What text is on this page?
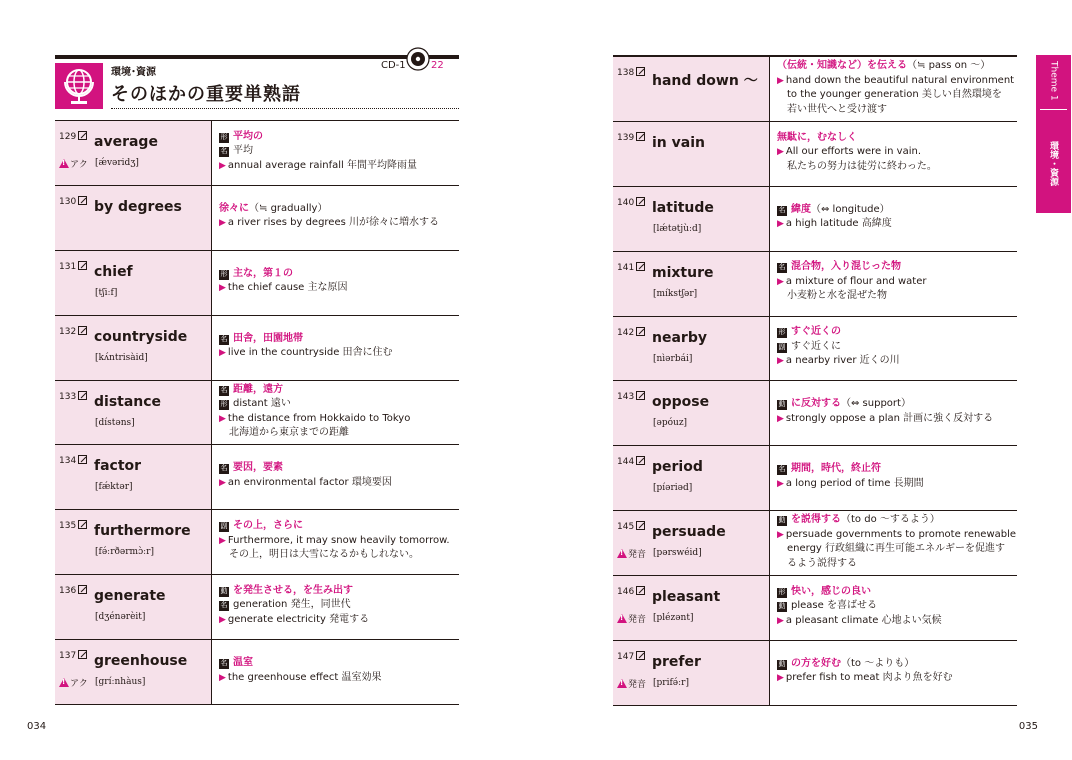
環境･資源
そのほかの重要単熟語
CD-1	22	Theme 1
環境・資源
129	average
[ǽvəridʒ]
!
アク
形 平均の
名 平均
▶ annual average rainfall 年間平均降雨量
130	by degrees	徐々に（≒ gradually）
▶ a river rises by degrees 川が徐々に増水する
131	chief
[tʃiːf]
形 主な，第１の
▶ the chief cause 主な原因
132	countryside
[kʌ́ntrisàid]
名 田舎，田園地帯
▶ live in the countryside 田舎に住む
133	distance
[dístəns]
名 距離，遠方
形 distant 遠い
▶ the distance from Hokkaido to Tokyo
北海道から東京までの距離
134	factor
[fǽktər]
名 要因，要素
▶ an environmental factor 環境要因
135	furthermore
[fə́ːrðərmɔ̀ːr]
副 その上，さらに
▶ Furthermore, it may snow heavily tomorrow.
その上，明日は大雪になるかもしれない。
136	generate
[dʒénərèit]
動 を発生させる，を生み出す
名 generation 発生，同世代
▶ generate electricity 発電する
137	greenhouse
[gríːnhàus]
!
アク
名 温室
▶ the greenhouse effect 温室効果
138	hand down ～
（伝統・知識など）を伝える（≒ pass on ～）
▶ hand down the beautiful natural environment
to the younger generation 美しい自然環境を
若い世代へと受け渡す
139	in vain	無駄に，むなしく
▶ All our efforts were in vain.
私たちの努力は徒労に終わった。
140	latitude
[lǽtətjùːd]
名 緯度（⇔ longitude）
▶ a high latitude 高緯度
141	mixture
[míkstʃər]
名 混合物，入り混じった物
▶ a mixture of flour and water
小麦粉と水を混ぜた物
142	nearby
[nìərbái]
形 すぐ近くの
副 すぐ近くに
▶ a nearby river 近くの川
143	oppose
[əpóuz]
動 に反対する（⇔ support）
▶ strongly oppose a plan 計画に強く反対する
144	period
[píəriəd]
名 期間，時代，終止符
▶ a long period of time 長期間
145	persuade
[pərswéid]
!
発音
動 を説得する（to do ～するよう）
▶ persuade governments to promote renewable
energy 行政組織に再生可能エネルギーを促進す
るよう説得する
146	pleasant
[plézənt]
!
発音
形 快い，感じの良い
動 please を喜ばせる
▶ a pleasant climate 心地よい気候
147	prefer
[prifə́ːr]
!
発音
動 の方を好む（to ～よりも）
▶ prefer fish to meat 肉より魚を好む
034	035
